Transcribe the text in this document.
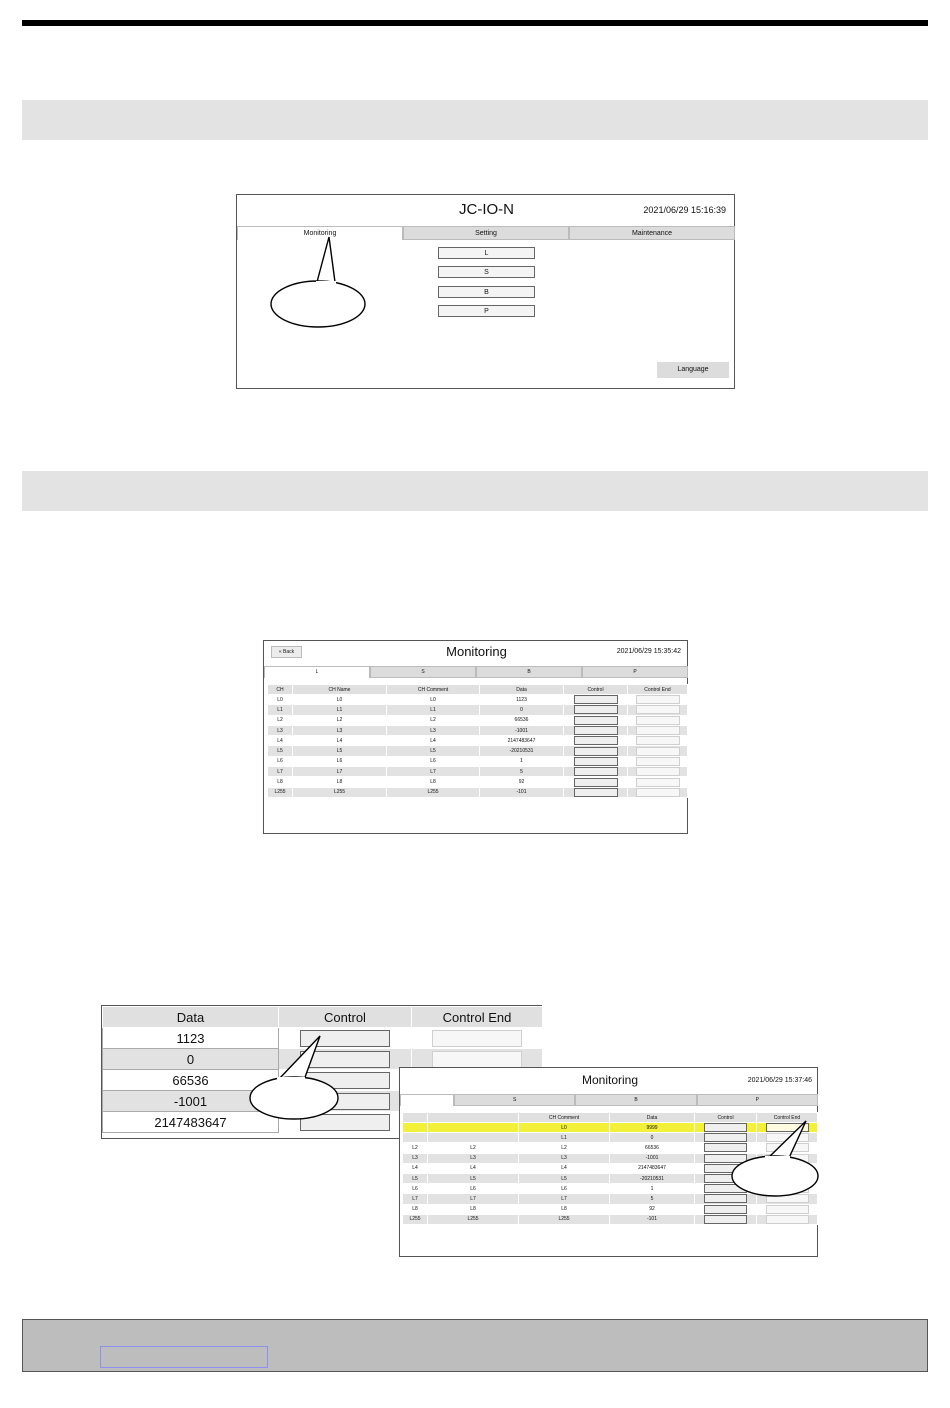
JC-IO-N	2021/06/29 15:16:39
Monitoring	Setting	Maintenance
L
S
B
P
Language
« Back	Monitoring	2021/06/29 15:35:42
L	S	B	P
CH	CH Name	CH Comment	Data	Control	Control End
L0	L0	L0	1123		
L1	L1	L1	0		
L2	L2	L2	66536		
L3	L3	L3	-1001		
L4	L4	L4	2147483647		
L5	L5	L5	-20210531		
L6	L6	L6	1		
L7	L7	L7	5		
L8	L8	L8	92		
L255	L255	L255	-101		
Data	Control	Control End
1123		
0		
66536		
-1001		
2147483647		
Monitoring	2021/06/29 15:37:46
S	B	P
		CH Comment	Data	Control	Control End
		L0	9999		
		L1	0		
L2	L2	L2	66536		
L3	L3	L3	-1001		
L4	L4	L4	2147483647		
L5	L5	L5	-20210531		
L6	L6	L6	1		
L7	L7	L7	5		
L8	L8	L8	92		
L255	L255	L255	-101		
